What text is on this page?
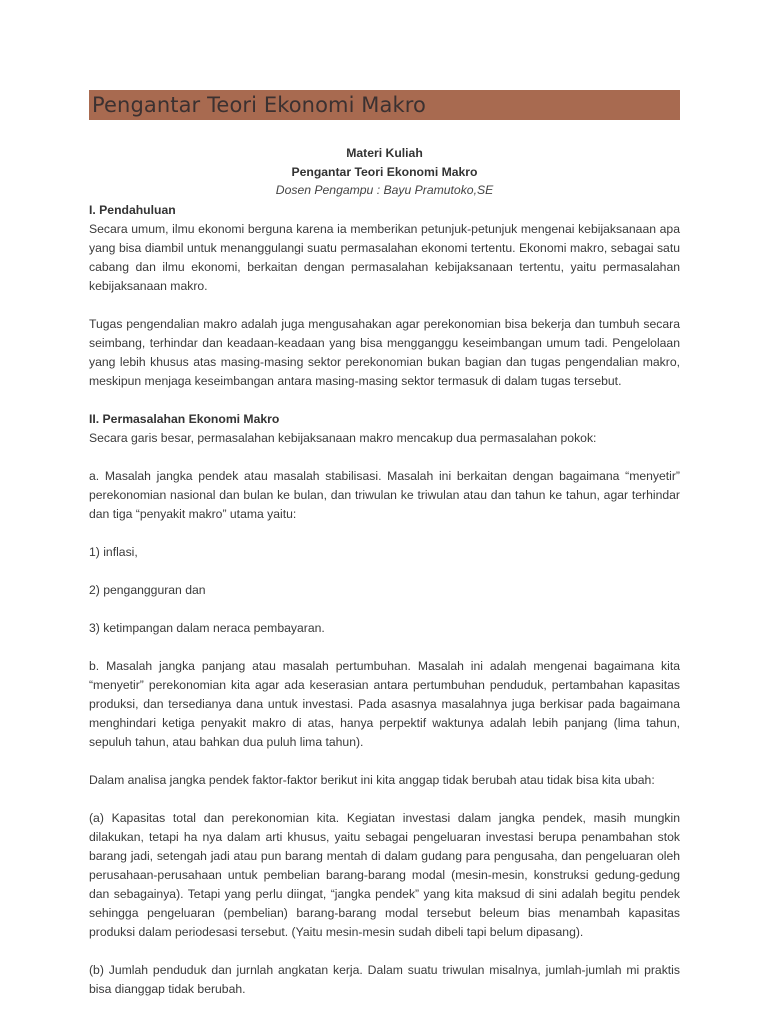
Pengantar Teori Ekonomi Makro
Materi Kuliah
Pengantar Teori Ekonomi Makro
Dosen Pengampu : Bayu Pramutoko,SE
I. Pendahuluan

Secara umum, ilmu ekonomi berguna karena ia memberikan petunjuk-petunjuk mengenai kebijaksanaan apa yang bisa diambil untuk menanggulangi suatu permasalahan ekonomi tertentu. Ekonomi makro, sebagai satu cabang dan ilmu ekonomi, berkaitan dengan permasalahan kebijaksanaan tertentu, yaitu permasalahan kebijaksanaan makro.

Tugas pengendalian makro adalah juga mengusahakan agar perekonomian bisa bekerja dan tumbuh secara seimbang, terhindar dan keadaan-keadaan yang bisa mengganggu keseimbangan umum tadi. Pengelolaan yang lebih khusus atas masing-masing sektor perekonomian bukan bagian dan tugas pengendalian makro, meskipun menjaga keseimbangan antara masing-masing sektor termasuk di dalam tugas tersebut.

II. Permasalahan Ekonomi Makro

Secara garis besar, permasalahan kebijaksanaan makro mencakup dua permasalahan pokok:

a. Masalah jangka pendek atau masalah stabilisasi. Masalah ini berkaitan dengan bagaimana “menyetir” perekonomian nasional dan bulan ke bulan, dan triwulan ke triwulan atau dan tahun ke tahun, agar terhindar dan tiga “penyakit makro” utama yaitu:

1) inflasi,

2) pengangguran dan

3) ketimpangan dalam neraca pembayaran.

b. Masalah jangka panjang atau masalah pertumbuhan. Masalah ini adalah mengenai bagaimana kita “menyetir” perekonomian kita agar ada keserasian antara pertumbuhan penduduk, pertambahan kapasitas produksi, dan tersedianya dana untuk investasi. Pada asasnya masalahnya juga berkisar pada bagaimana menghindari ketiga penyakit makro di atas, hanya perpektif waktunya adalah lebih panjang (lima tahun, sepuluh tahun, atau bahkan dua puluh lima tahun).

Dalam analisa jangka pendek faktor-faktor berikut ini kita anggap tidak berubah atau tidak bisa kita ubah:

(a) Kapasitas total dan perekonomian kita. Kegiatan investasi dalam jangka pendek, masih mungkin dilakukan, tetapi ha nya dalam arti khusus, yaitu sebagai pengeluaran investasi berupa penambahan stok barang jadi, setengah jadi atau pun barang mentah di dalam gudang para pengusaha, dan pengeluaran oleh perusahaan-perusahaan untuk pembelian barang-barang modal (mesin-mesin, konstruksi gedung-gedung dan sebagainya). Tetapi yang perlu diingat, “jangka pendek” yang kita maksud di sini adalah begitu pendek sehingga pengeluaran (pembelian) barang-barang modal tersebut beleum bias menambah kapasitas produksi dalam periodesasi tersebut. (Yaitu mesin-mesin sudah dibeli tapi belum dipasang).

(b) Jumlah penduduk dan jurnlah angkatan kerja. Dalam suatu triwulan misalnya, jumlah-jumlah mi praktis bisa dianggap tidak berubah.
